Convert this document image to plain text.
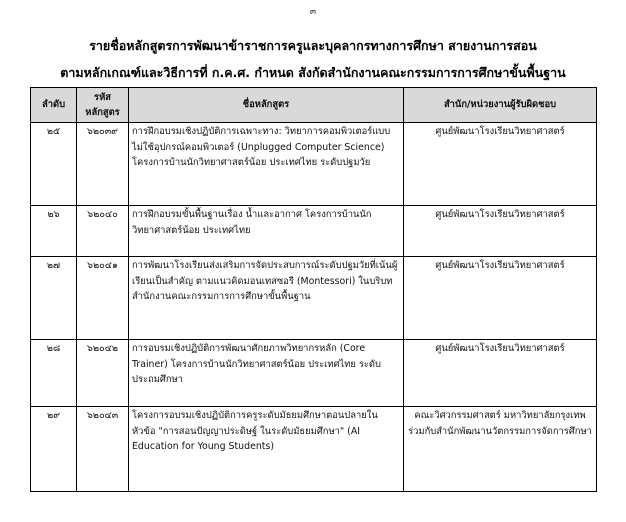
๓
รายชื่อหลักสูตรการพัฒนาข้าราชการครูและบุคลากรทางการศึกษา สายงานการสอน
ตามหลักเกณฑ์และวิธีการที่ ก.ค.ศ. กำหนด สังกัดสำนักงานคณะกรรมการการศึกษาขั้นพื้นฐาน
ลำดับ	รหัส หลักสูตร	ชื่อหลักสูตร	สำนัก/หน่วยงานผู้รับผิดชอบ
๒๕	๖๒๐๓๙	การฝึกอบรมเชิงปฏิบัติการเฉพาะทาง: วิทยาการคอมพิวเตอร์แบบไม่ใช้อุปกรณ์คอมพิวเตอร์ (Unplugged Computer Science) โครงการบ้านนักวิทยาศาสตร์น้อย ประเทศไทย ระดับปฐมวัย	ศูนย์พัฒนาโรงเรียนวิทยาศาสตร์
๒๖	๖๒๐๔๐	การฝึกอบรมขั้นพื้นฐานเรื่อง น้ำและอากาศ โครงการบ้านนักวิทยาศาสตร์น้อย ประเทศไทย	ศูนย์พัฒนาโรงเรียนวิทยาศาสตร์
๒๗	๖๒๐๔๑	การพัฒนาโรงเรียนส่งเสริมการจัดประสบการณ์ระดับปฐมวัยที่เน้นผู้เรียนเป็นสำคัญ ตามแนวคิดมอนเทสซอรี (Montessori) ในบริบท สำนักงานคณะกรรมการการศึกษาขั้นพื้นฐาน	ศูนย์พัฒนาโรงเรียนวิทยาศาสตร์
๒๘	๖๒๐๔๒	การอบรมเชิงปฏิบัติการพัฒนาศักยภาพวิทยากรหลัก (Core Trainer) โครงการบ้านนักวิทยาศาสตร์น้อย ประเทศไทย ระดับประถมศึกษา	ศูนย์พัฒนาโรงเรียนวิทยาศาสตร์
๒๙	๖๒๐๔๓	โครงการอบรมเชิงปฏิบัติการครูระดับมัธยมศึกษาตอนปลายในหัวข้อ "การสอนปัญญาประดิษฐ์ ในระดับมัธยมศึกษา" (AI Education for Young Students)	คณะวิศวกรรมศาสตร์ มหาวิทยาลัยกรุงเทพ ร่วมกับสำนักพัฒนานวัตกรรมการจัดการศึกษา
